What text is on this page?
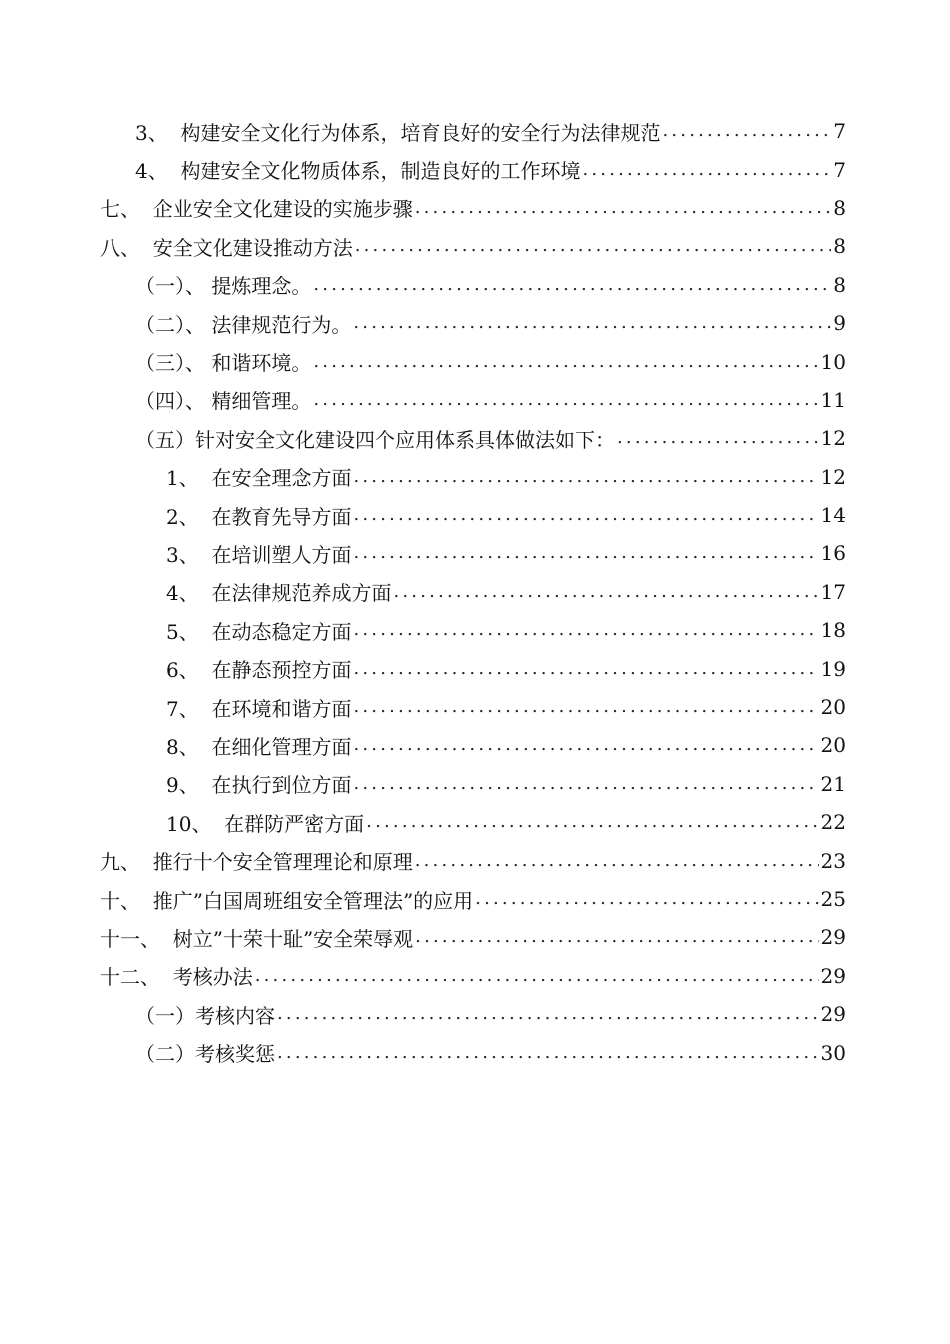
3、 构建安全文化行为体系，培育良好的安全行为法律规范 .....	7
4、 构建安全文化物质体系，制造良好的工作环境 .....	7
七、 企业安全文化建设的实施步骤 .....	8
八、 安全文化建设推动方法 .....	8
（一）、 提炼理念。 .....	8
（二）、 法律规范行为。 .....	9
（三）、 和谐环境。 .....	10
（四）、 精细管理。 .....	11
（五） 针对安全文化建设四个应用体系具体做法如下： .....	12
1、 在安全理念方面 .....	12
2、 在教育先导方面 .....	14
3、 在培训塑人方面 .....	16
4、 在法律规范养成方面 .....	17
5、 在动态稳定方面 .....	18
6、 在静态预控方面 .....	19
7、 在环境和谐方面 .....	20
8、 在细化管理方面 .....	20
9、 在执行到位方面 .....	21
10、 在群防严密方面 .....	22
九、 推行十个安全管理理论和原理 .....	23
十、 推广”白国周班组安全管理法”的应用 .....	25
十一、 树立”十荣十耻”安全荣辱观 .....	29
十二、 考核办法 .....	29
（一） 考核内容 .....	29
（二） 考核奖惩 .....	30
